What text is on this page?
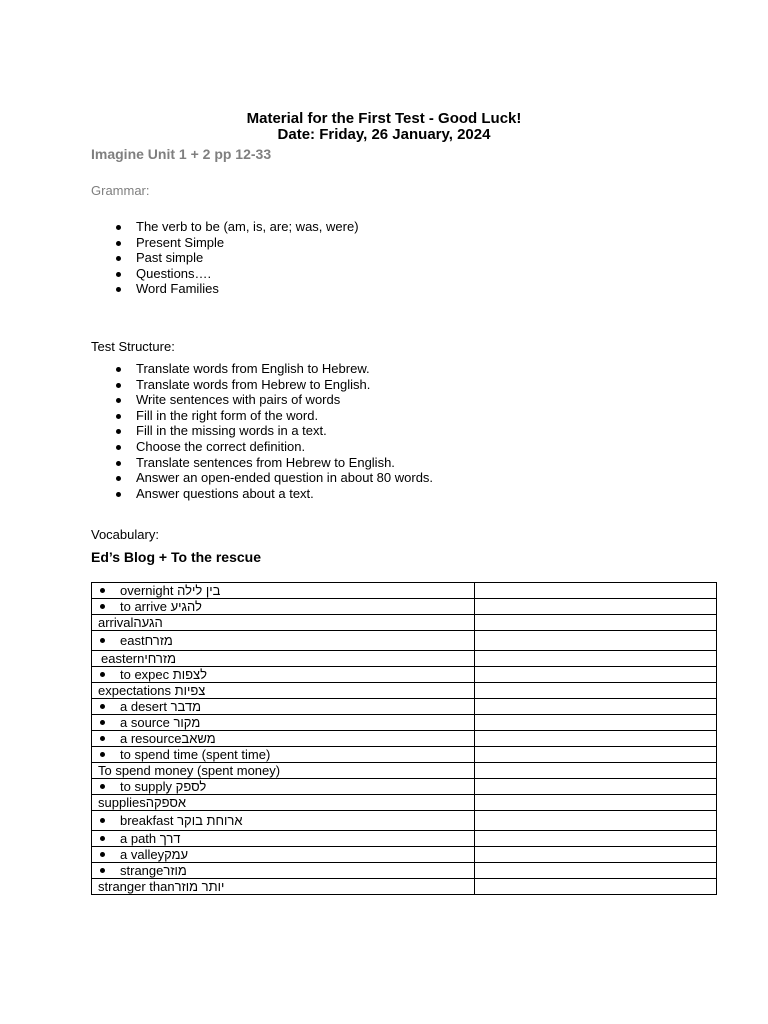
Material for the First Test - Good Luck!
Date: Friday, 26 January, 2024
Imagine Unit 1 + 2 pp 12-33
Grammar:
The verb to be (am, is, are; was, were)
Present Simple
Past simple
Questions….
Word Families
Test Structure:
Translate words from English to Hebrew.
Translate words from Hebrew to English.
Write sentences with pairs of words
Fill in the right form of the word.
Fill in the missing words in a text.
Choose the correct definition.
Translate sentences from Hebrew to English.
Answer an open-ended question in about 80 words.
Answer questions about a text.
Vocabulary:
Ed’s Blog + To the rescue
overnight בין לילה	

to arrive להגיע	

arrivalהגעה	

eastמזרח	

easternמזרחי	

to expec לצפות	

expectations צפיות	

a desert מדבר	

a source מקור	

a resourceמשאב	

to spend time (spent time)	

To spend money (spent money)	

to supply לספק	

suppliesאספקה	

breakfast ארוחת בוקר	

a path דרך	

a valleyעמק	

strangeמוזר	

stranger thanיותר מוזר	
